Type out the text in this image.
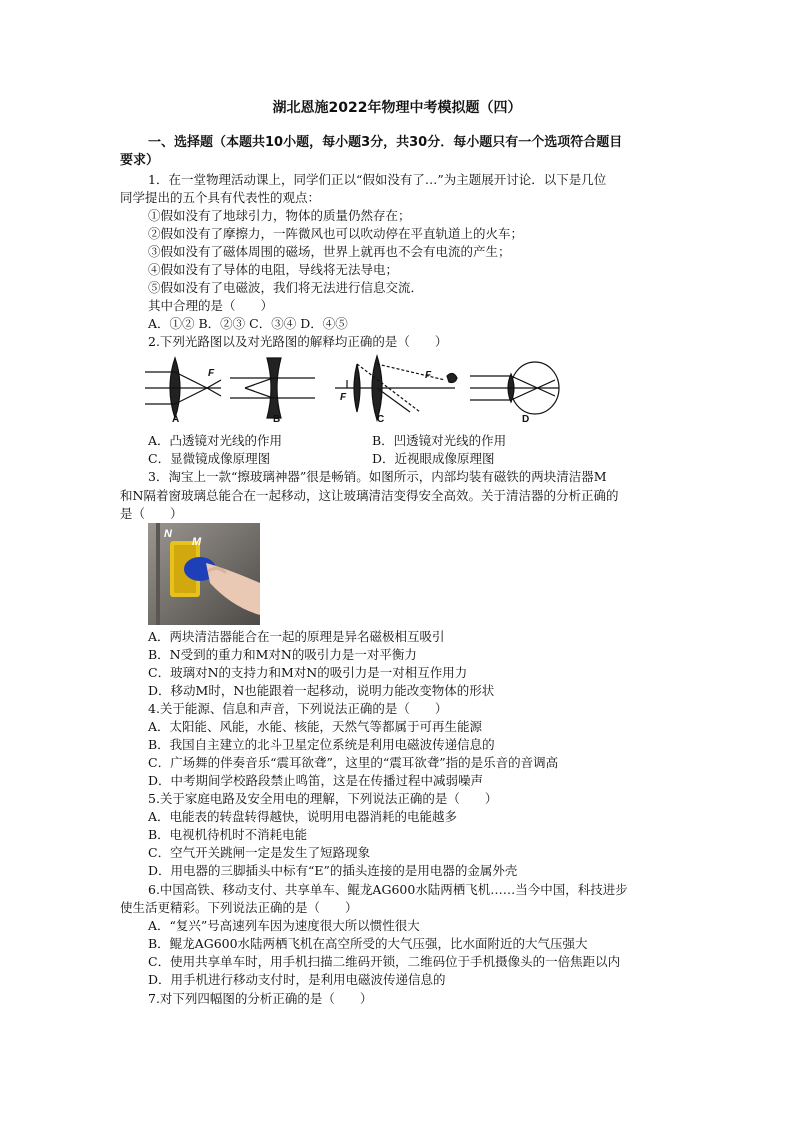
湖北恩施2022年物理中考模拟题（四）
一、选择题（本题共10小题，每小题3分，共30分．每小题只有一个选项符合题目
要求）
1．在一堂物理活动课上，同学们正以“假如没有了…”为主题展开讨论．以下是几位
同学提出的五个具有代表性的观点：
①假如没有了地球引力，物体的质量仍然存在；
②假如没有了摩擦力，一阵微风也可以吹动停在平直轨道上的火车；
③假如没有了磁体周围的磁场，世界上就再也不会有电流的产生；
④假如没有了导体的电阻，导线将无法导电；
⑤假如没有了电磁波，我们将无法进行信息交流．
其中合理的是（　　）
A．①② B．②③ C．③④ D．④⑤
2.下列光路图以及对光路图的解释均正确的是（　　）
F
F
F
A	B	C	D
A．凸透镜对光线的作用	B．凹透镜对光线的作用
C．显微镜成像原理图	D．近视眼成像原理图
3．淘宝上一款“擦玻璃神器”很是畅销。如图所示，内部均装有磁铁的两块清洁器M
和N隔着窗玻璃总能合在一起移动，这让玻璃清洁变得安全高效。关于清洁器的分析正确的
是（　　）
N
M
A．两块清洁器能合在一起的原理是异名磁极相互吸引
B．N受到的重力和M对N的吸引力是一对平衡力
C．玻璃对N的支持力和M对N的吸引力是一对相互作用力
D．移动M时，N也能跟着一起移动，说明力能改变物体的形状
4.关于能源、信息和声音，下列说法正确的是（　　）
A．太阳能、风能，水能、核能，天然气等都属于可再生能源
B．我国自主建立的北斗卫星定位系统是利用电磁波传递信息的
C．广场舞的伴奏音乐“震耳欲聋”，这里的“震耳欲聋”指的是乐音的音调高
D．中考期间学校路段禁止鸣笛，这是在传播过程中减弱噪声
5.关于家庭电路及安全用电的理解，下列说法正确的是（　　）
A．电能表的转盘转得越快，说明用电器消耗的电能越多
B．电视机待机时不消耗电能
C．空气开关跳闸一定是发生了短路现象
D．用电器的三脚插头中标有“E”的插头连接的是用电器的金属外壳
6.中国高铁、移动支付、共享单车、鲲龙AG600水陆两栖飞机……当今中国，科技进步
使生活更精彩。下列说法正确的是（　　）
A．“复兴”号高速列车因为速度很大所以惯性很大
B．鲲龙AG600水陆两栖飞机在高空所受的大气压强，比水面附近的大气压强大
C．使用共享单车时，用手机扫描二维码开锁，二维码位于手机摄像头的一倍焦距以内
D．用手机进行移动支付时，是利用电磁波传递信息的
7.对下列四幅图的分析正确的是（　　）
